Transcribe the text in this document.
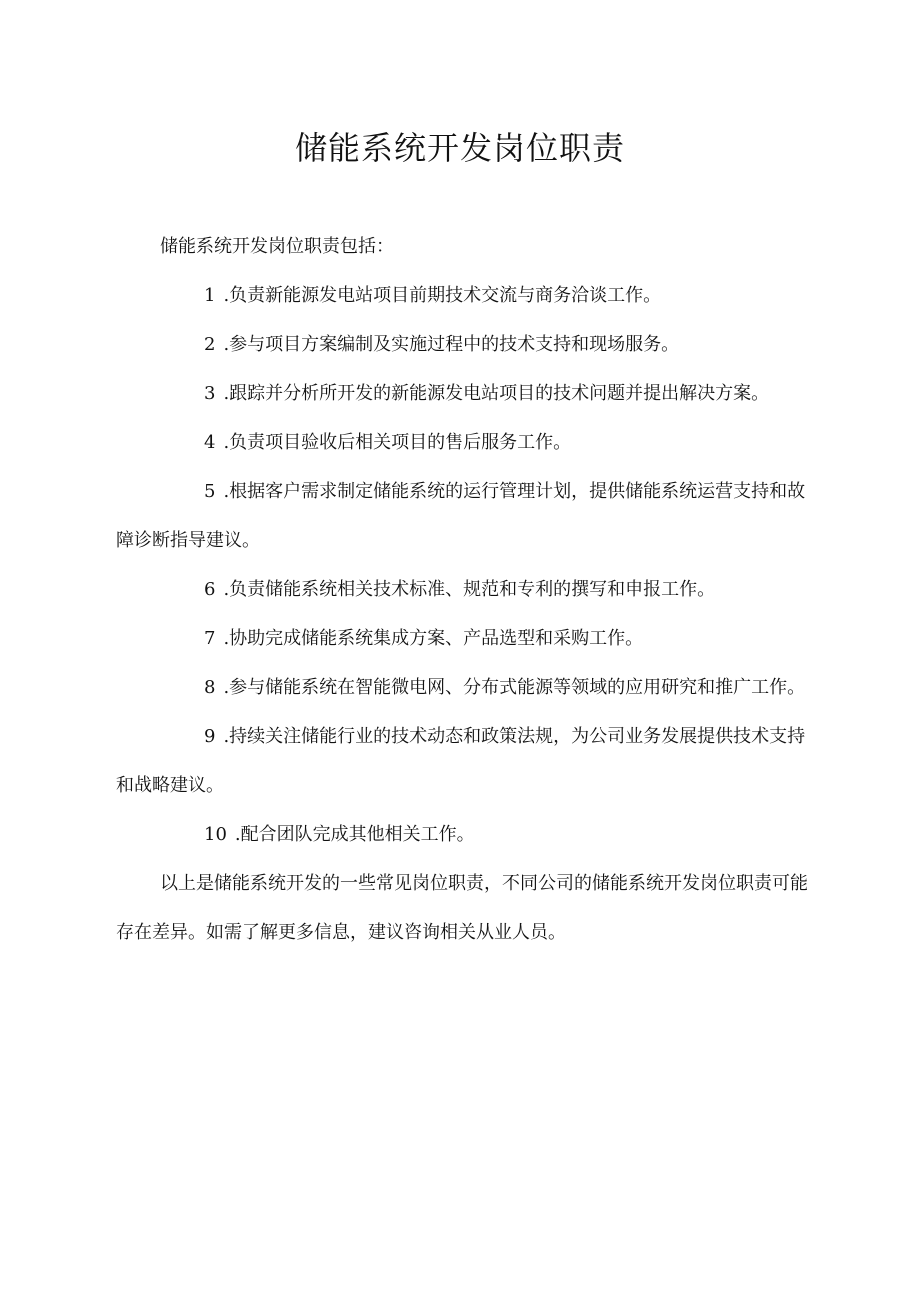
储能系统开发岗位职责

储能系统开发岗位职责包括：

1 .负责新能源发电站项目前期技术交流与商务洽谈工作。

2 .参与项目方案编制及实施过程中的技术支持和现场服务。

3 .跟踪并分析所开发的新能源发电站项目的技术问题并提出解决方案。

4 .负责项目验收后相关项目的售后服务工作。

5 .根据客户需求制定储能系统的运行管理计划，提供储能系统运营支持和故障诊断指导建议。

6 .负责储能系统相关技术标准、规范和专利的撰写和申报工作。

7 .协助完成储能系统集成方案、产品选型和采购工作。

8 .参与储能系统在智能微电网、分布式能源等领域的应用研究和推广工作。

9 .持续关注储能行业的技术动态和政策法规，为公司业务发展提供技术支持和战略建议。

10 .配合团队完成其他相关工作。

以上是储能系统开发的一些常见岗位职责，不同公司的储能系统开发岗位职责可能存在差异。如需了解更多信息，建议咨询相关从业人员。
